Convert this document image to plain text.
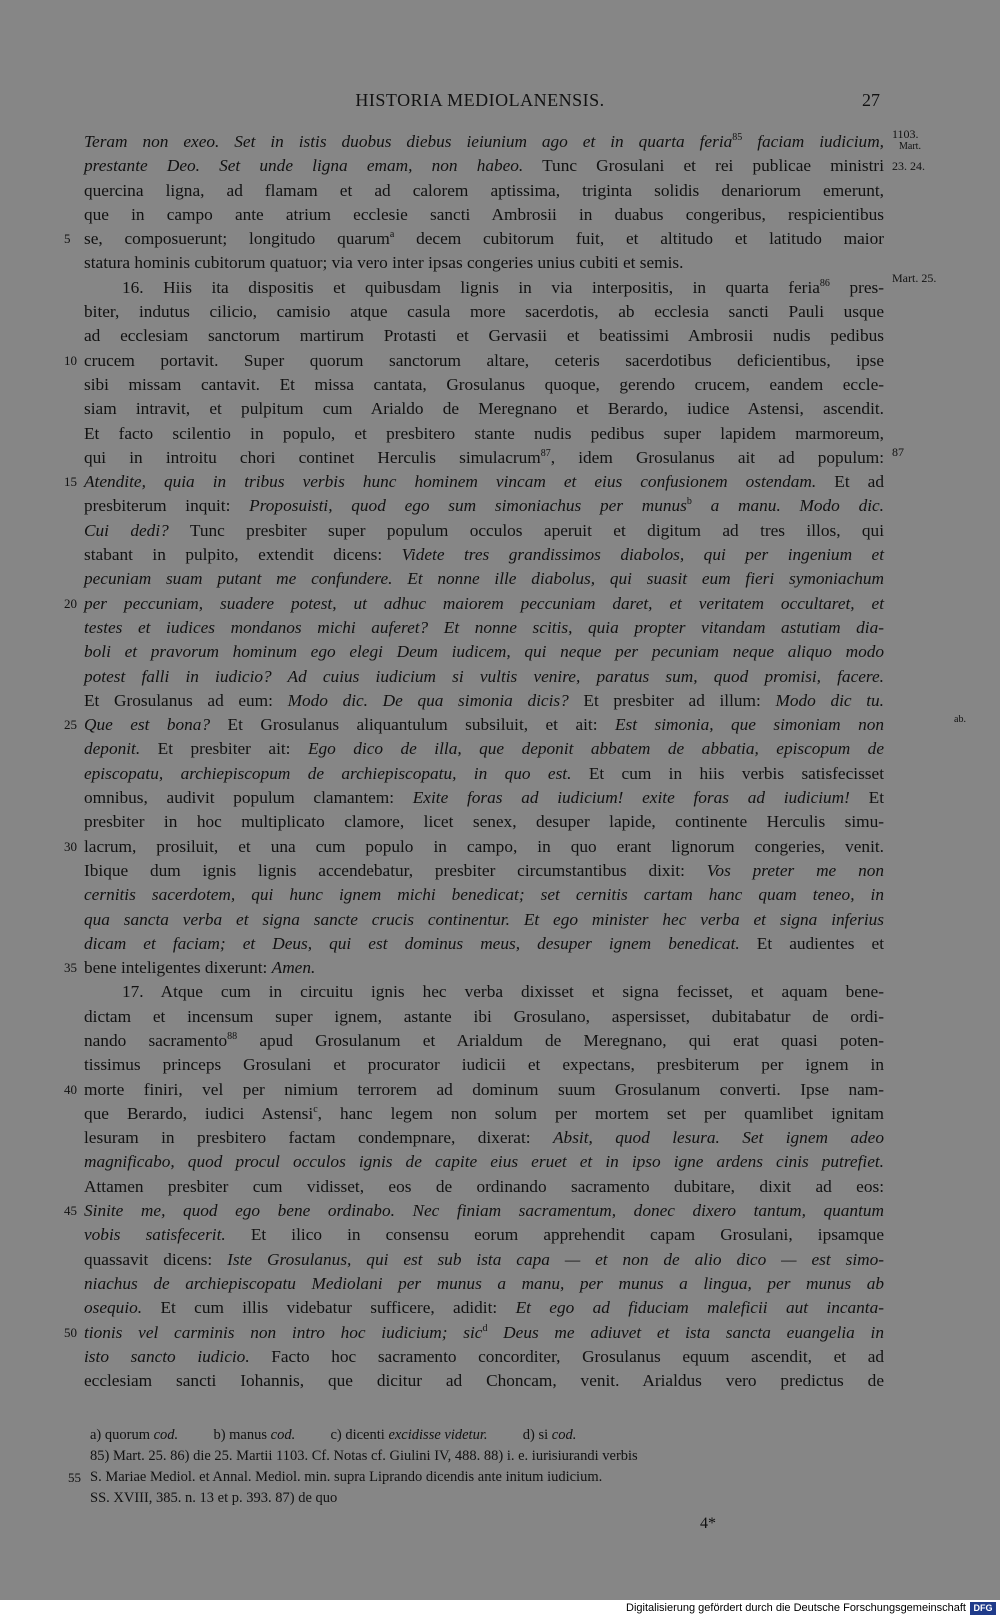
HISTORIA MEDIOLANENSIS.	27
1103.
Mart.
Teram non exeo. Set in istis duobus diebus ieiunium ago et in quarta feria$^{85}$ faciam iudicium,
23. 24.
prestante Deo. Set unde ligna emam, non habeo. Tunc Grosulani et rei publicae ministri
quercina ligna, ad flamam et ad calorem aptissima, triginta solidis denariorum emerunt,
que in campo ante atrium ecclesie sancti Ambrosii in duabus congeribus, respicientibus
5 se, composuerunt; longitudo quarum$^a$ decem cubitorum fuit, et altitudo et latitudo maior
statura hominis cubitorum quatuor; via vero inter ipsas congeries unius cubiti et semis.
Mart. 25.
16. Hiis ita dispositis et quibusdam lignis in via interpositis, in quarta feria$^{86}$ pres-
biter, indutus cilicio, camisio atque casula more sacerdotis, ab ecclesia sancti Pauli usque
ad ecclesiam sanctorum martirum Protasti et Gervasii et beatissimi Ambrosii nudis pedibus
10 crucem portavit. Super quorum sanctorum altare, ceteris sacerdotibus deficientibus, ipse
sibi missam cantavit. Et missa cantata, Grosulanus quoque, gerendo crucem, eandem eccle-
siam intravit, et pulpitum cum Arialdo de Meregnano et Berardo, iudice Astensi, ascendit.
Et facto scilentio in populo, et presbitero stante nudis pedibus super lapidem marmoreum,
87
qui in introitu chori continet Herculis simulacrum$^{87}$, idem Grosulanus ait ad populum:
15 Atendite, quia in tribus verbis hunc hominem vincam et eius confusionem ostendam. Et ad
presbiterum inquit: Proposuisti, quod ego sum simoniachus per munus$^b$ a manu. Modo dic.
Cui dedi? Tunc presbiter super populum occulos aperuit et digitum ad tres illos, qui
stabant in pulpito, extendit dicens: Videte tres grandissimos diabolos, qui per ingenium et
pecuniam suam putant me confundere. Et nonne ille diabolus, qui suasit eum fieri symoniachum
20 per peccuniam, suadere potest, ut adhuc maiorem peccuniam daret, et veritatem occultaret, et
testes et iudices mondanos michi auferet? Et nonne scitis, quia propter vitandam astutiam dia-
boli et pravorum hominum ego elegi Deum iudicem, qui neque per pecuniam neque aliquo modo
potest falli in iudicio? Ad cuius iudicium si vultis venire, paratus sum, quod promisi, facere.
Et Grosulanus ad eum: Modo dic. De qua simonia dicis? Et presbiter ad illum: Modo dic tu.
25	ab.
Que est bona? Et Grosulanus aliquantulum subsiluit, et ait: Est simonia, que simoniam non
deponit. Et presbiter ait: Ego dico de illa, que deponit abbatem de abbatia, episcopum de
episcopatu, archiepiscopum de archiepiscopatu, in quo est. Et cum in hiis verbis satisfecisset
omnibus, audivit populum clamantem: Exite foras ad iudicium! exite foras ad iudicium! Et
presbiter in hoc multiplicato clamore, licet senex, desuper lapide, continente Herculis simu-
30 lacrum, prosiluit, et una cum populo in campo, in quo erant lignorum congeries, venit.
Ibique dum ignis lignis accendebatur, presbiter circumstantibus dixit: Vos preter me non
cernitis sacerdotem, qui hunc ignem michi benedicat; set cernitis cartam hanc quam teneo, in
qua sancta verba et signa sancte crucis continentur. Et ego minister hec verba et signa inferius
dicam et faciam; et Deus, qui est dominus meus, desuper ignem benedicat. Et audientes et
35 bene inteligentes dixerunt: Amen.
17. Atque cum in circuitu ignis hec verba dixisset et signa fecisset, et aquam bene-
dictam et incensum super ignem, astante ibi Grosulano, aspersisset, dubitabatur de ordi-
nando sacramento$^{88}$ apud Grosulanum et Arialdum de Meregnano, qui erat quasi poten-
tissimus princeps Grosulani et procurator iudicii et expectans, presbiterum per ignem in
40 morte finiri, vel per nimium terrorem ad dominum suum Grosulanum converti. Ipse nam-
que Berardo, iudici Astensi$^c$, hanc legem non solum per mortem set per quamlibet ignitam
lesuram in presbitero factam condempnare, dixerat: Absit, quod lesura. Set ignem adeo
magnificabo, quod procul occulos ignis de capite eius eruet et in ipso igne ardens cinis putrefiet.
Attamen presbiter cum vidisset, eos de ordinando sacramento dubitare, dixit ad eos:
45 Sinite me, quod ego bene ordinabo. Nec finiam sacramentum, donec dixero tantum, quantum
vobis satisfecerit. Et ilico in consensu eorum apprehendit capam Grosulani, ipsamque
quassavit dicens: Iste Grosulanus, qui est sub ista capa — et non de alio dico — est simo-
niachus de archiepiscopatu Mediolani per munus a manu, per munus a lingua, per munus ab
osequio. Et cum illis videbatur sufficere, adidit: Et ego ad fiduciam maleficii aut incanta-
50 tionis vel carminis non intro hoc iudicium; sic$^d$ Deus me adiuvet et ista sancta euangelia in
isto sancto iudicio. Facto hoc sacramento concorditer, Grosulanus equum ascendit, et ad
ecclesiam sancti Iohannis, que dicitur ad Choncam, venit. Arialdus vero predictus de
a) quorum cod. b) manus cod. c) dicenti excidisse videtur. d) si cod.
85) Mart. 25. 86) die 25. Martii 1103. Cf. Notas cf. Giulini IV, 488. 88) i. e. iurisiurandi verbis
55 S. Mariae Mediol. et Annal. Mediol. min. supra Liprando dicendis ante initum iudicium.
SS. XVIII, 385. n. 13 et p. 393. 87) de quo
4*
Digitalisierung gefördert durch die Deutsche Forschungsgemeinschaft DFG
